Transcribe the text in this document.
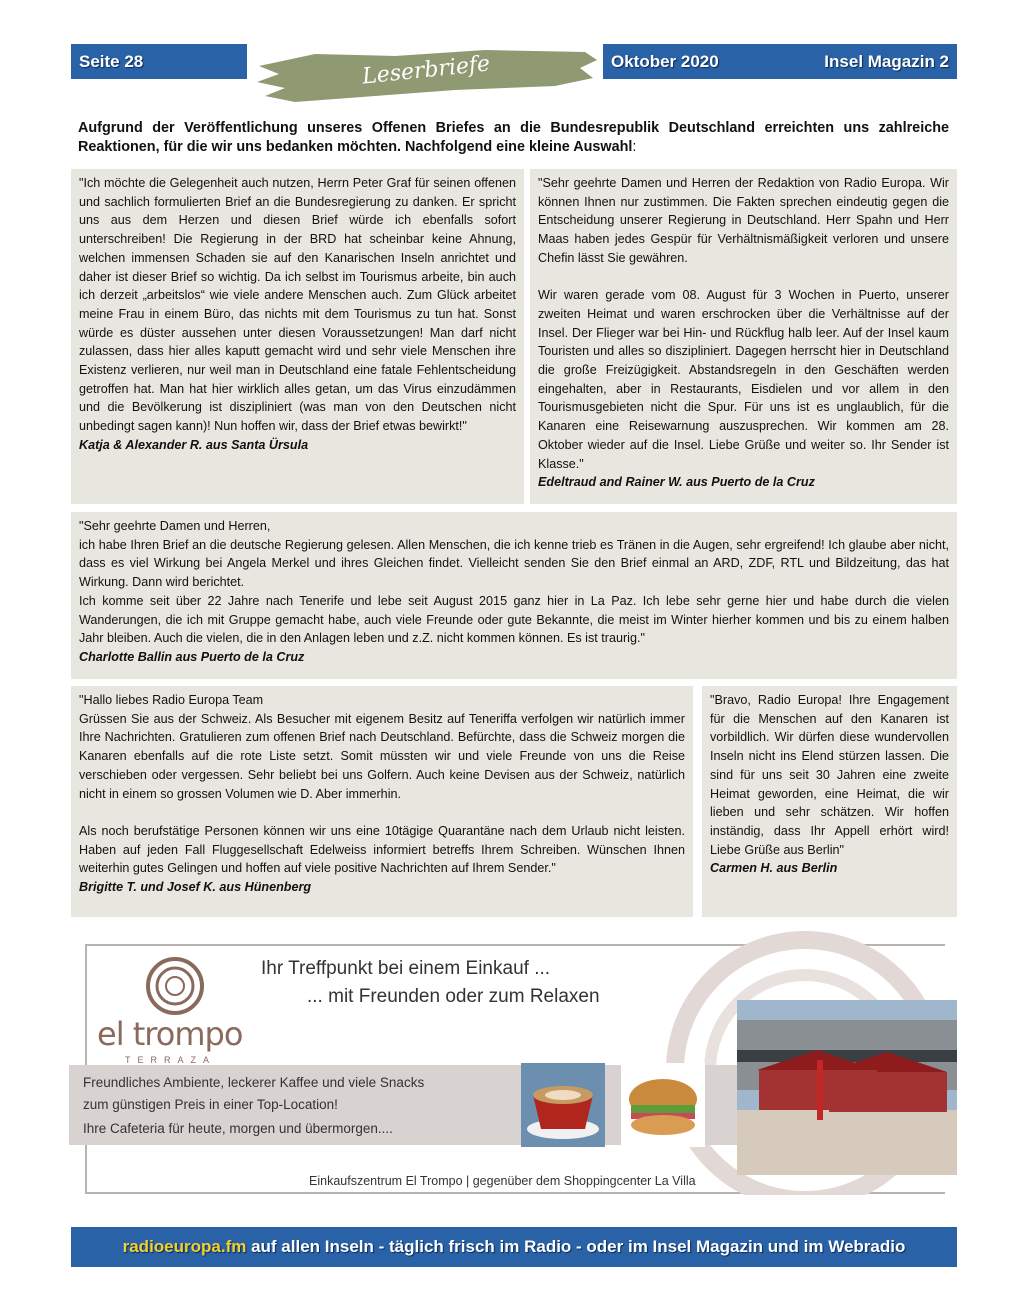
Seite 28	Leserbriefe	Oktober 2020	Insel Magazin 2
Aufgrund der Veröffentlichung unseres Offenen Briefes an die Bundesrepublik Deutschland erreichten uns zahlreiche Reaktionen, für die wir uns bedanken möchten. Nachfolgend eine kleine Auswahl:

"Ich möchte die Gelegenheit auch nutzen, Herrn Peter Graf für seinen offenen und sachlich formulierten Brief an die Bundesregierung zu danken. Er spricht uns aus dem Herzen und diesen Brief würde ich ebenfalls sofort unterschreiben! Die Regierung in der BRD hat scheinbar keine Ahnung, welchen immensen Schaden sie auf den Kanarischen Inseln anrichtet und daher ist dieser Brief so wichtig. Da ich selbst im Tourismus arbeite, bin auch ich derzeit „arbeitslos“ wie viele andere Menschen auch. Zum Glück arbeitet meine Frau in einem Büro, das nichts mit dem Tourismus zu tun hat. Sonst würde es düster aussehen unter diesen Voraussetzungen! Man darf nicht zulassen, dass hier alles kaputt gemacht wird und sehr viele Menschen ihre Existenz verlieren, nur weil man in Deutschland eine fatale Fehlentscheidung getroffen hat. Man hat hier wirklich alles getan, um das Virus einzudämmen und die Bevölkerung ist diszipliniert (was man von den Deutschen nicht unbedingt sagen kann)! Nun hoffen wir, dass der Brief etwas bewirkt!"

Katja & Alexander R. aus Santa Ürsula

"Sehr geehrte Damen und Herren der Redaktion von Radio Europa. Wir können Ihnen nur zustimmen. Die Fakten sprechen eindeutig gegen die Entscheidung unserer Regierung in Deutschland. Herr Spahn und Herr Maas haben jedes Gespür für Verhältnismäßigkeit verloren und unsere Chefin lässt Sie gewähren.

Wir waren gerade vom 08. August für 3 Wochen in Puerto, unserer zweiten Heimat und waren erschrocken über die Verhältnisse auf der Insel. Der Flieger war bei Hin- und Rückflug halb leer. Auf der Insel kaum Touristen und alles so diszipliniert. Dagegen herrscht hier in Deutschland die große Freizügigkeit. Abstandsregeln in den Geschäften werden eingehalten, aber in Restaurants, Eisdielen und vor allem in den Tourismusgebieten nicht die Spur. Für uns ist es unglaublich, für die Kanaren eine Reisewarnung auszusprechen. Wir kommen am 28. Oktober wieder auf die Insel. Liebe Grüße und weiter so. Ihr Sender ist Klasse."

Edeltraud and Rainer W. aus Puerto de la Cruz

"Sehr geehrte Damen und Herren,

ich habe Ihren Brief an die deutsche Regierung gelesen. Allen Menschen, die ich kenne trieb es Tränen in die Augen, sehr ergreifend! Ich glaube aber nicht, dass es viel Wirkung bei Angela Merkel und ihres Gleichen findet. Vielleicht senden Sie den Brief einmal an ARD, ZDF, RTL und Bildzeitung, das hat Wirkung. Dann wird berichtet.

Ich komme seit über 22 Jahre nach Tenerife und lebe seit August 2015 ganz hier in La Paz. Ich lebe sehr gerne hier und habe durch die vielen Wanderungen, die ich mit Gruppe gemacht habe, auch viele Freunde oder gute Bekannte, die meist im Winter hierher kommen und bis zu einem halben Jahr bleiben. Auch die vielen, die in den Anlagen leben und z.Z. nicht kommen können. Es ist traurig."

Charlotte Ballin aus Puerto de la Cruz

"Hallo liebes Radio Europa Team

Grüssen Sie aus der Schweiz. Als Besucher mit eigenem Besitz auf Teneriffa verfolgen wir natürlich immer Ihre Nachrichten. Gratulieren zum offenen Brief nach Deutschland. Befürchte, dass die Schweiz morgen die Kanaren ebenfalls auf die rote Liste setzt. Somit müssten wir und viele Freunde von uns die Reise verschieben oder vergessen. Sehr beliebt bei uns Golfern. Auch keine Devisen aus der Schweiz, natürlich nicht in einem so grossen Volumen wie D. Aber immerhin.

Als noch berufstätige Personen können wir uns eine 10tägige Quarantäne nach dem Urlaub nicht leisten. Haben auf jeden Fall Fluggesellschaft Edelweiss informiert betreffs Ihrem Schreiben. Wünschen Ihnen weiterhin gutes Gelingen und hoffen auf viele positive Nachrichten auf Ihrem Sender."

Brigitte T. und Josef K. aus Hünenberg

"Bravo, Radio Europa! Ihre Engagement für die Menschen auf den Kanaren ist vorbildlich. Wir dürfen diese wundervollen Inseln nicht ins Elend stürzen lassen. Die sind für uns seit 30 Jahren eine zweite Heimat geworden, eine Heimat, die wir lieben und sehr schätzen. Wir hoffen inständig, dass Ihr Appell erhört wird! Liebe Grüße aus Berlin"

Carmen H. aus Berlin

el trompo
TERRAZA
Ihr Treffpunkt bei einem Einkauf ...
... mit Freunden oder zum Relaxen
Freundliches Ambiente, leckerer Kaffee und viele Snacks
zum günstigen Preis in einer Top-Location!
Ihre Cafeteria für heute, morgen und übermorgen....
Einkaufszentrum El Trompo | gegenüber dem Shoppingcenter La Villa
radioeuropa.fm auf allen Inseln - täglich frisch im Radio - oder im Insel Magazin und im Webradio
